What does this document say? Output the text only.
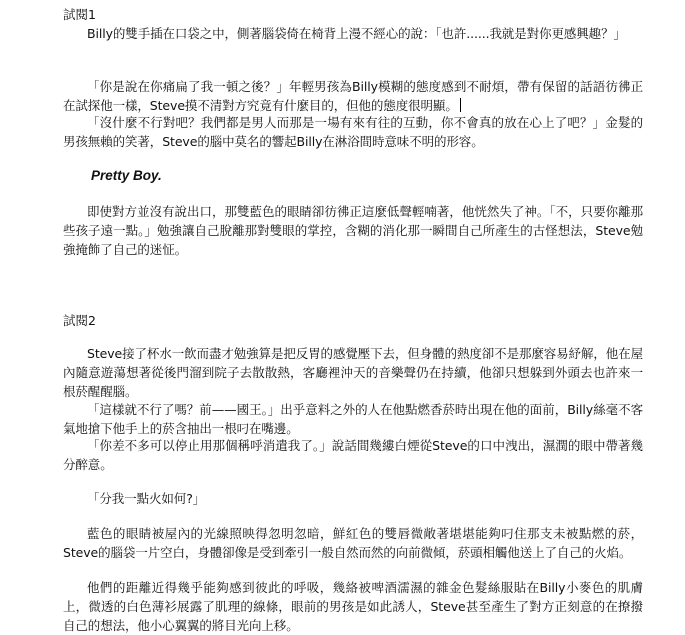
試閱1

Billy的雙手插在口袋之中，側著腦袋倚在椅背上漫不經心的說：「也許......我就是對你更感興趣？」

「你是說在你痛扁了我一頓之後？」年輕男孩為Billy模糊的態度感到不耐煩，帶有保留的話語彷彿正在試探他一樣，Steve摸不清對方究竟有什麼目的，但他的態度很明顯。

「沒什麼不行對吧？我們都是男人而那是一場有來有往的互動，你不會真的放在心上了吧？」金髮的男孩無賴的笑著，Steve的腦中莫名的響起Billy在淋浴間時意味不明的形容。

Pretty Boy.

即使對方並沒有說出口，那雙藍色的眼睛卻彷彿正這麼低聲輕喃著，他恍然失了神。「不，只要你離那些孩子遠一點。」勉強讓自己脫離那對雙眼的掌控，含糊的消化那一瞬間自己所產生的古怪想法，Steve勉強掩飾了自己的迷怔。

試閱2

Steve接了杯水一飲而盡才勉強算是把反胃的感覺壓下去，但身體的熱度卻不是那麼容易紓解，他在屋內隨意遊蕩想著從後門溜到院子去散散熱，客廳裡沖天的音樂聲仍在持續，他卻只想躲到外頭去也許來一根菸醒醒腦。

「這樣就不行了嗎？前——國王。」出乎意料之外的人在他點燃香菸時出現在他的面前，Billy絲毫不客氣地搶下他手上的菸含抽出一根叼在嘴邊。

「你差不多可以停止用那個稱呼消遣我了。」說話間幾縷白煙從Steve的口中洩出，濕潤的眼中帶著幾分醉意。

「分我一點火如何?」

藍色的眼睛被屋內的光線照映得忽明忽暗，鮮紅色的雙唇微敞著堪堪能夠叼住那支未被點燃的菸，Steve的腦袋一片空白，身體卻像是受到牽引一般自然而然的向前微傾，菸頭相觸他送上了自己的火焰。

他們的距離近得幾乎能夠感到彼此的呼吸，幾絡被啤酒濡濕的雜金色髮絲服貼在Billy小麥色的肌膚上，微透的白色薄衫展露了肌理的線條，眼前的男孩是如此誘人，Steve甚至產生了對方正刻意的在撩撥自己的想法，他小心翼翼的將目光向上移。
